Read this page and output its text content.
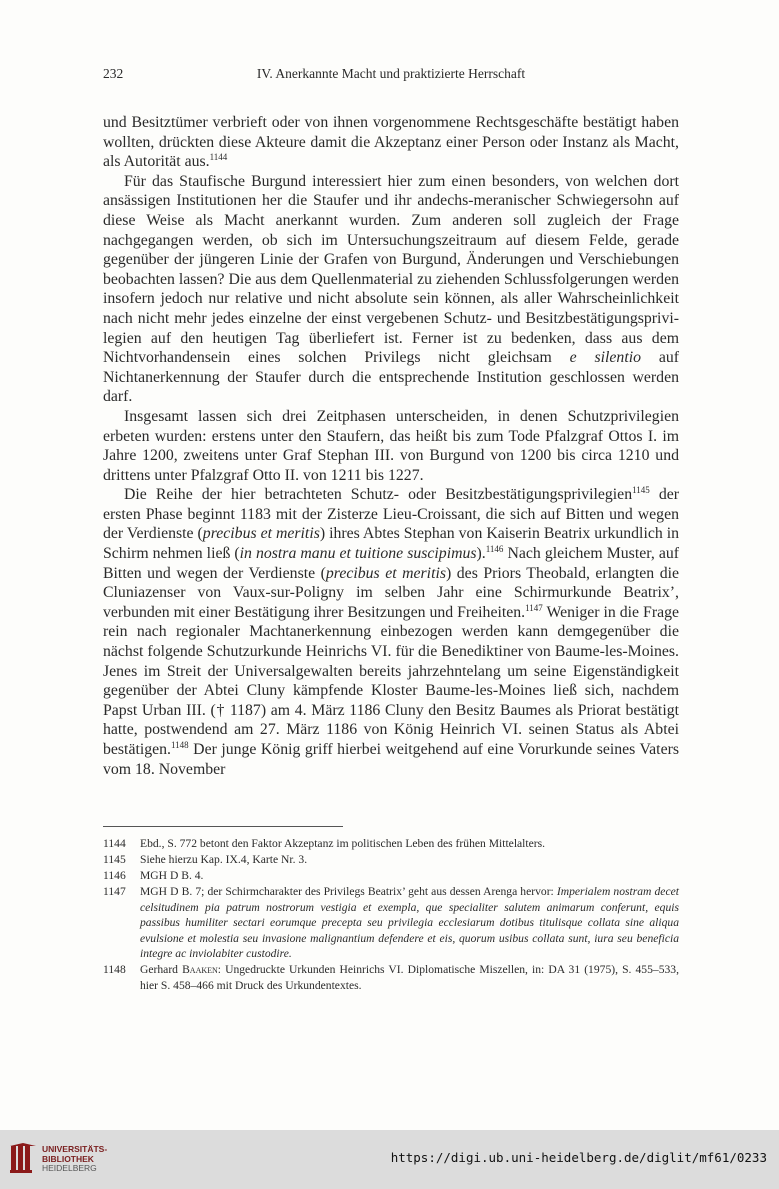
232	IV. Anerkannte Macht und praktizierte Herrschaft

und Besitztümer verbrieft oder von ihnen vorgenommene Rechtsgeschäfte bestätigt haben wollten, drückten diese Akteure damit die Akzeptanz einer Person oder Instanz als Macht, als Autorität aus.$^{1144}$

Für das Staufische Burgund interessiert hier zum einen besonders, von welchen dort ansässigen Institutionen her die Staufer und ihr andechs-meranischer Schwiegersohn auf diese Weise als Macht anerkannt wurden. Zum anderen soll zugleich der Frage nachgegangen werden, ob sich im Untersuchungszeitraum auf diesem Felde, gerade gegenüber der jüngeren Linie der Grafen von Burgund, Änderungen und Verschiebungen beobachten lassen? Die aus dem Quellenmaterial zu ziehenden Schlussfolgerungen werden insofern jedoch nur relative und nicht absolute sein können, als aller Wahrscheinlichkeit nach nicht mehr jedes einzelne der einst vergebenen Schutz- und Besitzbestätigungsprivilegien auf den heutigen Tag überliefert ist. Ferner ist zu bedenken, dass aus dem Nichtvorhandensein eines solchen Privilegs nicht gleichsam e silentio auf Nichtanerkennung der Staufer durch die entsprechende Institution geschlossen werden darf.

Insgesamt lassen sich drei Zeitphasen unterscheiden, in denen Schutzprivilegien erbeten wurden: erstens unter den Staufern, das heißt bis zum Tode Pfalzgraf Ottos I. im Jahre 1200, zweitens unter Graf Stephan III. von Burgund von 1200 bis circa 1210 und drittens unter Pfalzgraf Otto II. von 1211 bis 1227.

Die Reihe der hier betrachteten Schutz- oder Besitzbestätigungsprivilegien$^{1145}$ der ersten Phase beginnt 1183 mit der Zisterze Lieu-Croissant, die sich auf Bitten und wegen der Verdienste (precibus et meritis) ihres Abtes Stephan von Kaiserin Beatrix urkundlich in Schirm nehmen ließ (in nostra manu et tuitione suscipimus).$^{1146}$ Nach gleichem Muster, auf Bitten und wegen der Verdienste (precibus et meritis) des Priors Theobald, erlangten die Cluniazenser von Vaux-sur-Poligny im selben Jahr eine Schirmurkunde Beatrix’, verbunden mit einer Bestätigung ihrer Besitzungen und Freiheiten.$^{1147}$ Weniger in die Frage rein nach regionaler Machtanerkennung einbezogen werden kann demgegenüber die nächst folgende Schutzurkunde Heinrichs VI. für die Benediktiner von Baume-les-Moines. Jenes im Streit der Universalgewalten bereits jahrzehntelang um seine Eigenständigkeit gegenüber der Abtei Cluny kämpfende Kloster Baume-les-Moines ließ sich, nachdem Papst Urban III. († 1187) am 4. März 1186 Cluny den Besitz Baumes als Priorat bestätigt hatte, postwendend am 27. März 1186 von König Heinrich VI. seinen Status als Abtei bestätigen.$^{1148}$ Der junge König griff hierbei weitgehend auf eine Vorurkunde seines Vaters vom 18. November

1144	Ebd., S. 772 betont den Faktor Akzeptanz im politischen Leben des frühen Mittelalters.
1145	Siehe hierzu Kap. IX.4, Karte Nr. 3.
1146	MGH D B. 4.
1147	MGH D B. 7; der Schirmcharakter des Privilegs Beatrix’ geht aus dessen Arenga hervor: Imperialem nostram decet celsitudinem pia patrum nostrorum vestigia et exempla, que specialiter salutem animarum conferunt, equis passibus humiliter sectari eorumque precepta seu privilegia ecclesiarum dotibus titulisque collata sine aliqua evulsione et molestia seu invasione malignantium defendere et eis, quorum usibus collata sunt, iura seu beneficia integre ac inviolabiter custodire.
1148	Gerhard Baaken: Ungedruckte Urkunden Heinrichs VI. Diplomatische Miszellen, in: DA 31 (1975), S. 455–533, hier S. 458–466 mit Druck des Urkundentextes.
UNIVERSITÄTS-
BIBLIOTHEK
HEIDELBERG
https://digi.ub.uni-heidelberg.de/diglit/mf61/0233
